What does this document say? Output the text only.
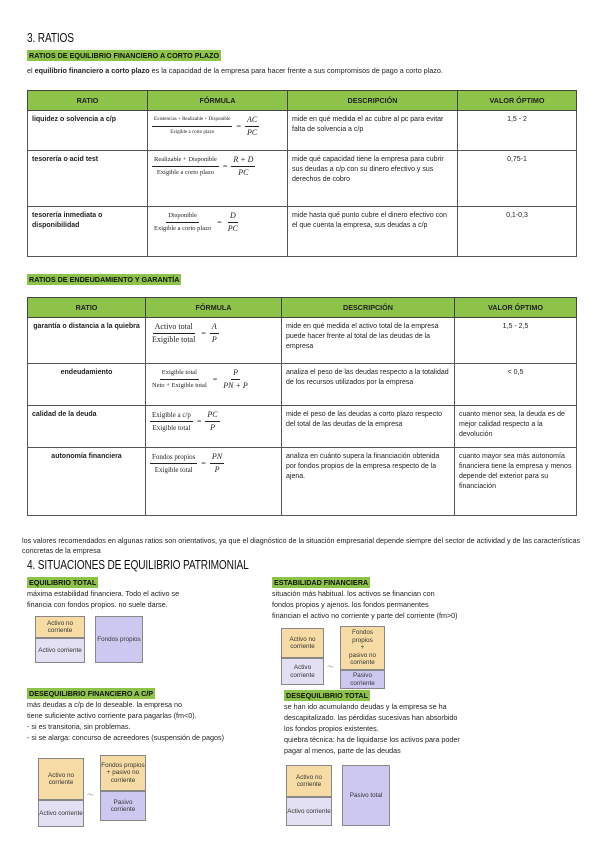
3. RATIOS
RATIOS DE EQUILIBRIO FINANCIERO A CORTO PLAZO
el equilibrio financiero a corto plazo es la capacidad de la empresa para hacer frente a sus compromisos de pago a corto plazo.
RATIO	FÓRMULA	DESCRIPCIÓN	VALOR ÓPTIMO
liquidez o solvencia a c/p	$\frac{\text{Existencias + Realizable + Disponible}}{\text{Exigible a corto plazo}} = \frac{AC}{PC}$	mide en qué medida el ac cubre al pc para evitar falta de solvencia a c/p	1,5 - 2
tesorería o acid test	$\frac{\text{Realizable + Disponible}}{\text{Exigible a corto plazo}} = \frac{R + D}{PC}$	mide qué capacidad tiene la empresa para cubrir sus deudas a c/p con su dinero efectivo y sus derechos de cobro	0,75-1
tesorería inmediata o disponibilidad	$\frac{\text{Disponible}}{\text{Exigible a corto plazo}} = \frac{D}{PC}$	mide hasta qué punto cubre el dinero efectivo con el que cuenta la empresa, sus deudas a c/p	0,1-0,3
RATIOS DE ENDEUDAMIENTO Y GARANTÍA
RATIO	FÓRMULA	DESCRIPCIÓN	VALOR ÓPTIMO
garantía o distancia a la quiebra	$\frac{\text{Activo total}}{\text{Exigible total}} = \frac{A}{P}$	mide en qué medida el activo total de la empresa puede hacer frente al total de las deudas de la empresa	1,5 - 2,5
endeudamiento	$\frac{\text{Exigible total}}{\text{Neto + Exigible total}} = \frac{P}{PN + P}$	analiza el peso de las deudas respecto a la totalidad de los recursos utilizados por la empresa	< 0,5
calidad de la deuda	$\frac{\text{Exigible a c/p}}{\text{Exigible total}} = \frac{PC}{P}$	mide el peso de las deudas a corto plazo respecto del total de las deudas de la empresa	cuanto menor sea, la deuda es de mejor calidad respecto a la devolución
autonomía financiera	$\frac{\text{Fondos propios}}{\text{Exigible total}} = \frac{PN}{P}$	analiza en cuánto supera la financiación obtenida por fondos propios de la empresa respecto de la ajena.	cuanto mayor sea más autonomía financiera tiene la empresa y menos depende del exterior para su financiación
los valores recomendados en algunas ratios son orientativos, ya que el diagnóstico de la situación empresarial depende siempre del sector de actividad y de las características concretas de la empresa
4. SITUACIONES DE EQUILIBRIO PATRIMONIAL
EQUILIBRIO TOTAL
máxima estabilidad financiera. Todo el activo se
financia con fondos propios. no suele darse.
Activo no corriente
Activo corriente
Fondos propios
ESTABILIDAD FINANCIERA
situación más habitual. los activos se financian con
fondos propios y ajenos. los fondos permanentes
financian el activo no corriente y parte del corriente (fm>0)
Activo no corriente
Activo corriente
〜
Fondos propios
+
pasivo no corriente
Pasivo corriente
DESEQUILIBRIO FINANCIERO A C/P
más deudas a c/p de lo deseable. la empresa no
tiene suficiente activo corriente para pagarlas (fm<0).
- si es transitoria, sin problemas.
- si se alarga: concurso de acreedores (suspensión de pagos)
Activo no corriente
Activo corriente
〜
Fondos propios + pasivo no corriente
Pasivo corriente
DESEQUILIBRIO TOTAL
se han ido acumulando deudas y la empresa se ha
descapitalizado. las pérdidas sucesivas han absorbido
los fondos propios existentes.
quiebra técnica: ha de liquidarse los activos para poder
pagar al menos, parte de las deudas
Activo no corriente
Activo corriente
Pasivo total
